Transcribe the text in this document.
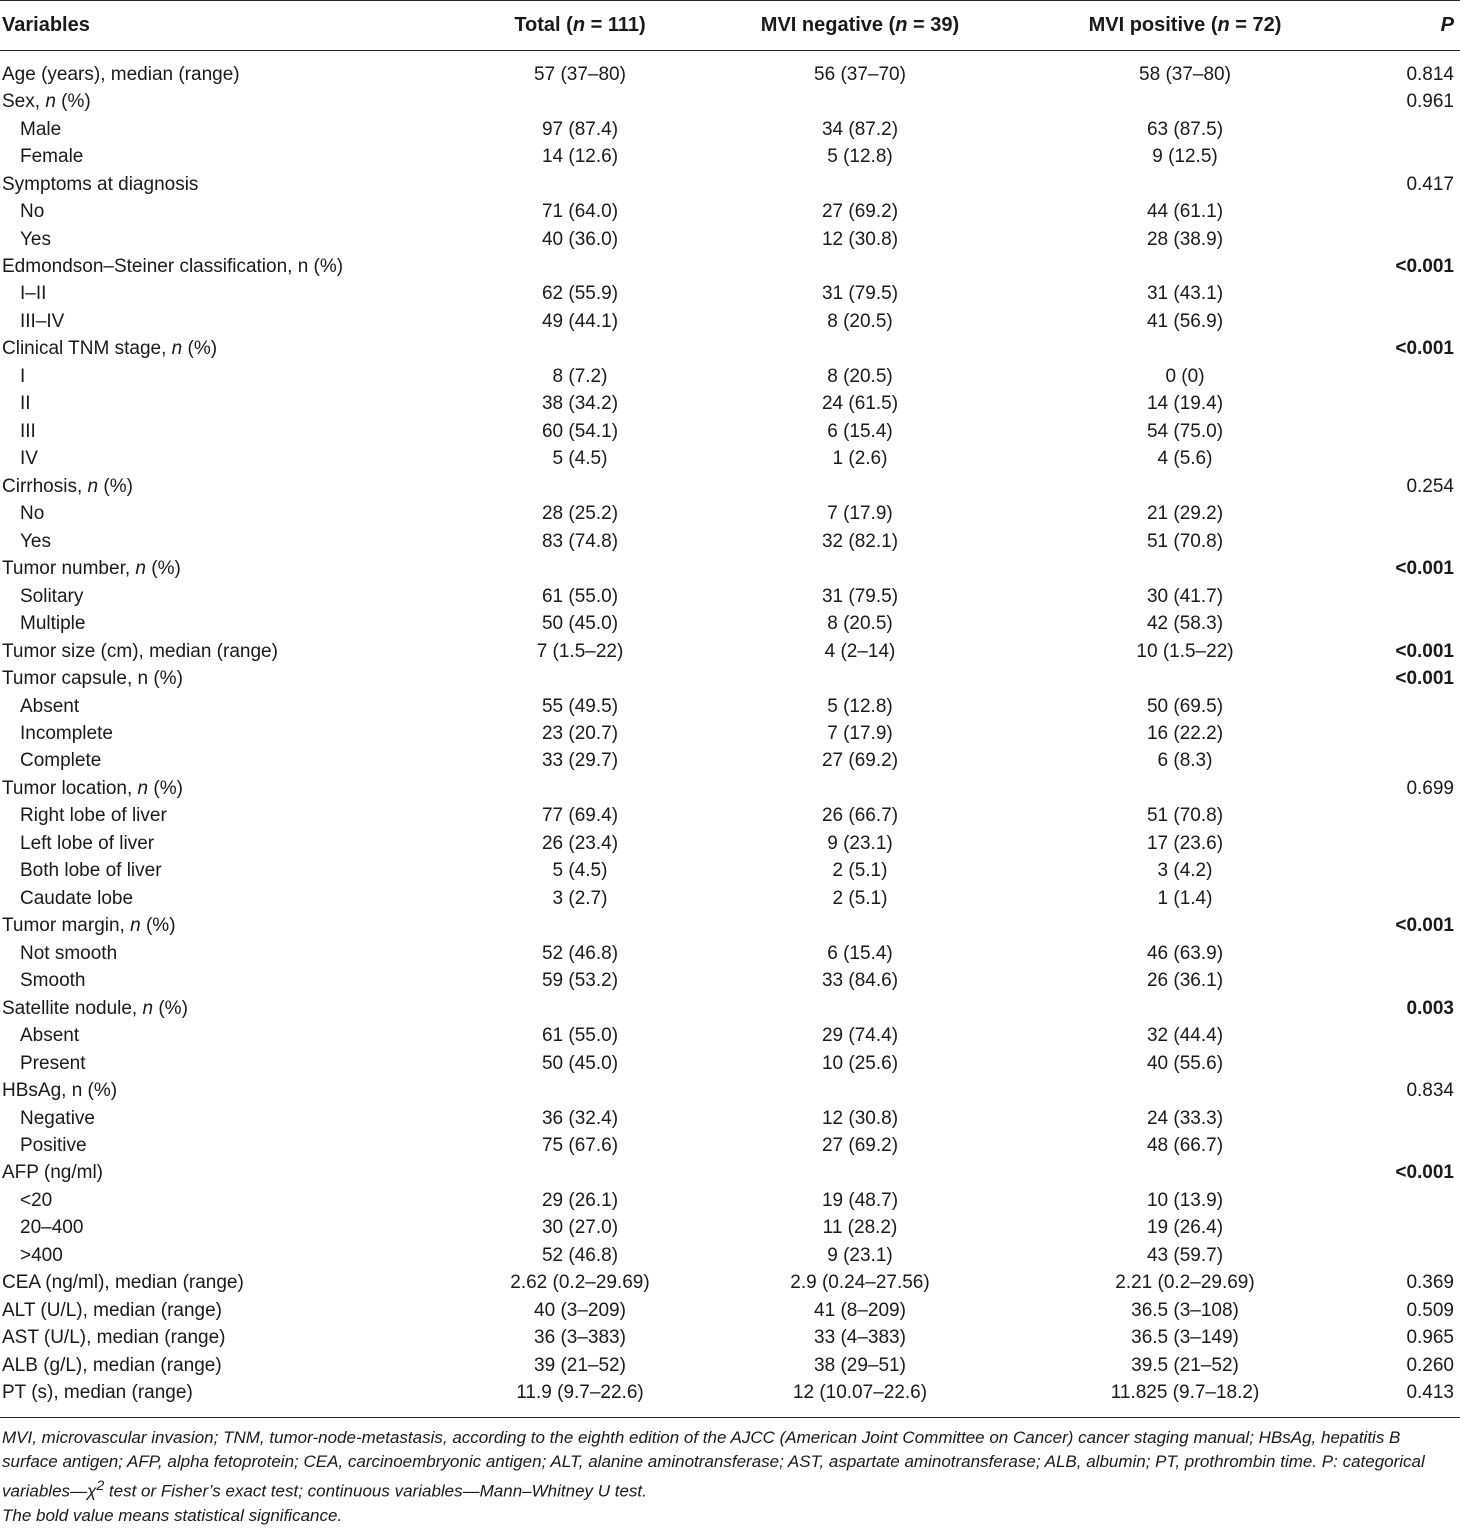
Variables	Total (n = 111)	MVI negative (n = 39)	MVI positive (n = 72)	P

Age (years), median (range)	57 (37–80)	56 (37–70)	58 (37–80)	0.814
Sex, n (%)				0.961
Male	97 (87.4)	34 (87.2)	63 (87.5)	
Female	14 (12.6)	5 (12.8)	9 (12.5)	
Symptoms at diagnosis				0.417
No	71 (64.0)	27 (69.2)	44 (61.1)	
Yes	40 (36.0)	12 (30.8)	28 (38.9)	
Edmondson–Steiner classification, n (%)				<0.001
I–II	62 (55.9)	31 (79.5)	31 (43.1)	
III–IV	49 (44.1)	8 (20.5)	41 (56.9)	
Clinical TNM stage, n (%)				<0.001
I	8 (7.2)	8 (20.5)	0 (0)	
II	38 (34.2)	24 (61.5)	14 (19.4)	
III	60 (54.1)	6 (15.4)	54 (75.0)	
IV	5 (4.5)	1 (2.6)	4 (5.6)	
Cirrhosis, n (%)				0.254
No	28 (25.2)	7 (17.9)	21 (29.2)	
Yes	83 (74.8)	32 (82.1)	51 (70.8)	
Tumor number, n (%)				<0.001
Solitary	61 (55.0)	31 (79.5)	30 (41.7)	
Multiple	50 (45.0)	8 (20.5)	42 (58.3)	
Tumor size (cm), median (range)	7 (1.5–22)	4 (2–14)	10 (1.5–22)	<0.001
Tumor capsule, n (%)				<0.001
Absent	55 (49.5)	5 (12.8)	50 (69.5)	
Incomplete	23 (20.7)	7 (17.9)	16 (22.2)	
Complete	33 (29.7)	27 (69.2)	6 (8.3)	
Tumor location, n (%)				0.699
Right lobe of liver	77 (69.4)	26 (66.7)	51 (70.8)	
Left lobe of liver	26 (23.4)	9 (23.1)	17 (23.6)	
Both lobe of liver	5 (4.5)	2 (5.1)	3 (4.2)	
Caudate lobe	3 (2.7)	2 (5.1)	1 (1.4)	
Tumor margin, n (%)				<0.001
Not smooth	52 (46.8)	6 (15.4)	46 (63.9)	
Smooth	59 (53.2)	33 (84.6)	26 (36.1)	
Satellite nodule, n (%)				0.003
Absent	61 (55.0)	29 (74.4)	32 (44.4)	
Present	50 (45.0)	10 (25.6)	40 (55.6)	
HBsAg, n (%)				0.834
Negative	36 (32.4)	12 (30.8)	24 (33.3)	
Positive	75 (67.6)	27 (69.2)	48 (66.7)	
AFP (ng/ml)				<0.001
<20	29 (26.1)	19 (48.7)	10 (13.9)	
20–400	30 (27.0)	11 (28.2)	19 (26.4)	
>400	52 (46.8)	9 (23.1)	43 (59.7)	
CEA (ng/ml), median (range)	2.62 (0.2–29.69)	2.9 (0.24–27.56)	2.21 (0.2–29.69)	0.369
ALT (U/L), median (range)	40 (3–209)	41 (8–209)	36.5 (3–108)	0.509
AST (U/L), median (range)	36 (3–383)	33 (4–383)	36.5 (3–149)	0.965
ALB (g/L), median (range)	39 (21–52)	38 (29–51)	39.5 (21–52)	0.260
PT (s), median (range)	11.9 (9.7–22.6)	12 (10.07–22.6)	11.825 (9.7–18.2)	0.413

MVI, microvascular invasion; TNM, tumor-node-metastasis, according to the eighth edition of the AJCC (American Joint Committee on Cancer) cancer staging manual; HBsAg, hepatitis B surface antigen; AFP, alpha fetoprotein; CEA, carcinoembryonic antigen; ALT, alanine aminotransferase; AST, aspartate aminotransferase; ALB, albumin; PT, prothrombin time. P: categorical $variables—\chi^2$ test or Fisher’s exact test; continuous variables—Mann–Whitney U test.

The bold value means statistical significance.
